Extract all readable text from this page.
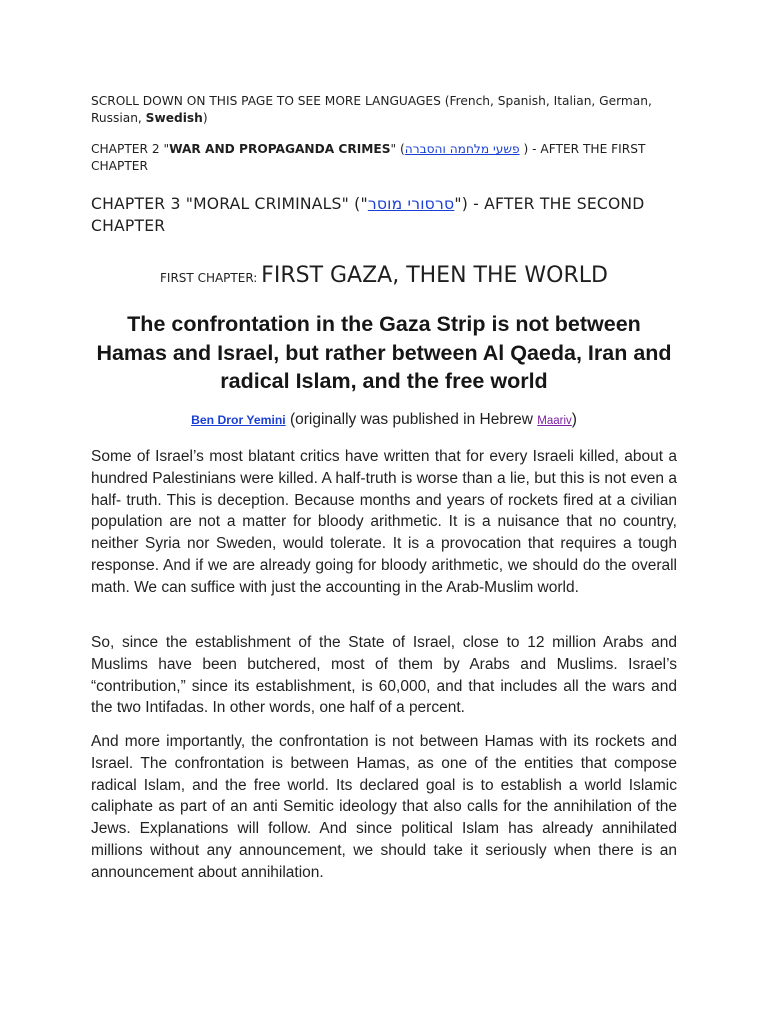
SCROLL DOWN ON THIS PAGE TO SEE MORE LANGUAGES (French, Spanish, Italian, German, Russian, Swedish)
CHAPTER 2 "WAR AND PROPAGANDA CRIMES" (פשעי מלחמה והסברה ) - AFTER THE FIRST CHAPTER
CHAPTER 3 "MORAL CRIMINALS" ("סרסורי מוסר") - AFTER THE SECOND CHAPTER
FIRST CHAPTER: FIRST GAZA, THEN THE WORLD
The confrontation in the Gaza Strip is not between Hamas and Israel, but rather between Al Qaeda, Iran and radical Islam, and the free world
Ben Dror Yemini (originally was published in Hebrew Maariv)

Some of Israel’s most blatant critics have written that for every Israeli killed, about a hundred Palestinians were killed. A half-truth is worse than a lie, but this is not even a half- truth. This is deception. Because months and years of rockets fired at a civilian population are not a matter for bloody arithmetic. It is a nuisance that no country, neither Syria nor Sweden, would tolerate. It is a provocation that requires a tough response. And if we are already going for bloody arithmetic, we should do the overall math. We can suffice with just the accounting in the Arab-Muslim world.

So, since the establishment of the State of Israel, close to 12 million Arabs and Muslims have been butchered, most of them by Arabs and Muslims. Israel’s “contribution,” since its establishment, is 60,000, and that includes all the wars and the two Intifadas. In other words, one half of a percent.

And more importantly, the confrontation is not between Hamas with its rockets and Israel. The confrontation is between Hamas, as one of the entities that compose radical Islam, and the free world. Its declared goal is to establish a world Islamic caliphate as part of an anti Semitic ideology that also calls for the annihilation of the Jews. Explanations will follow. And since political Islam has already annihilated millions without any announcement, we should take it seriously when there is an announcement about annihilation.
